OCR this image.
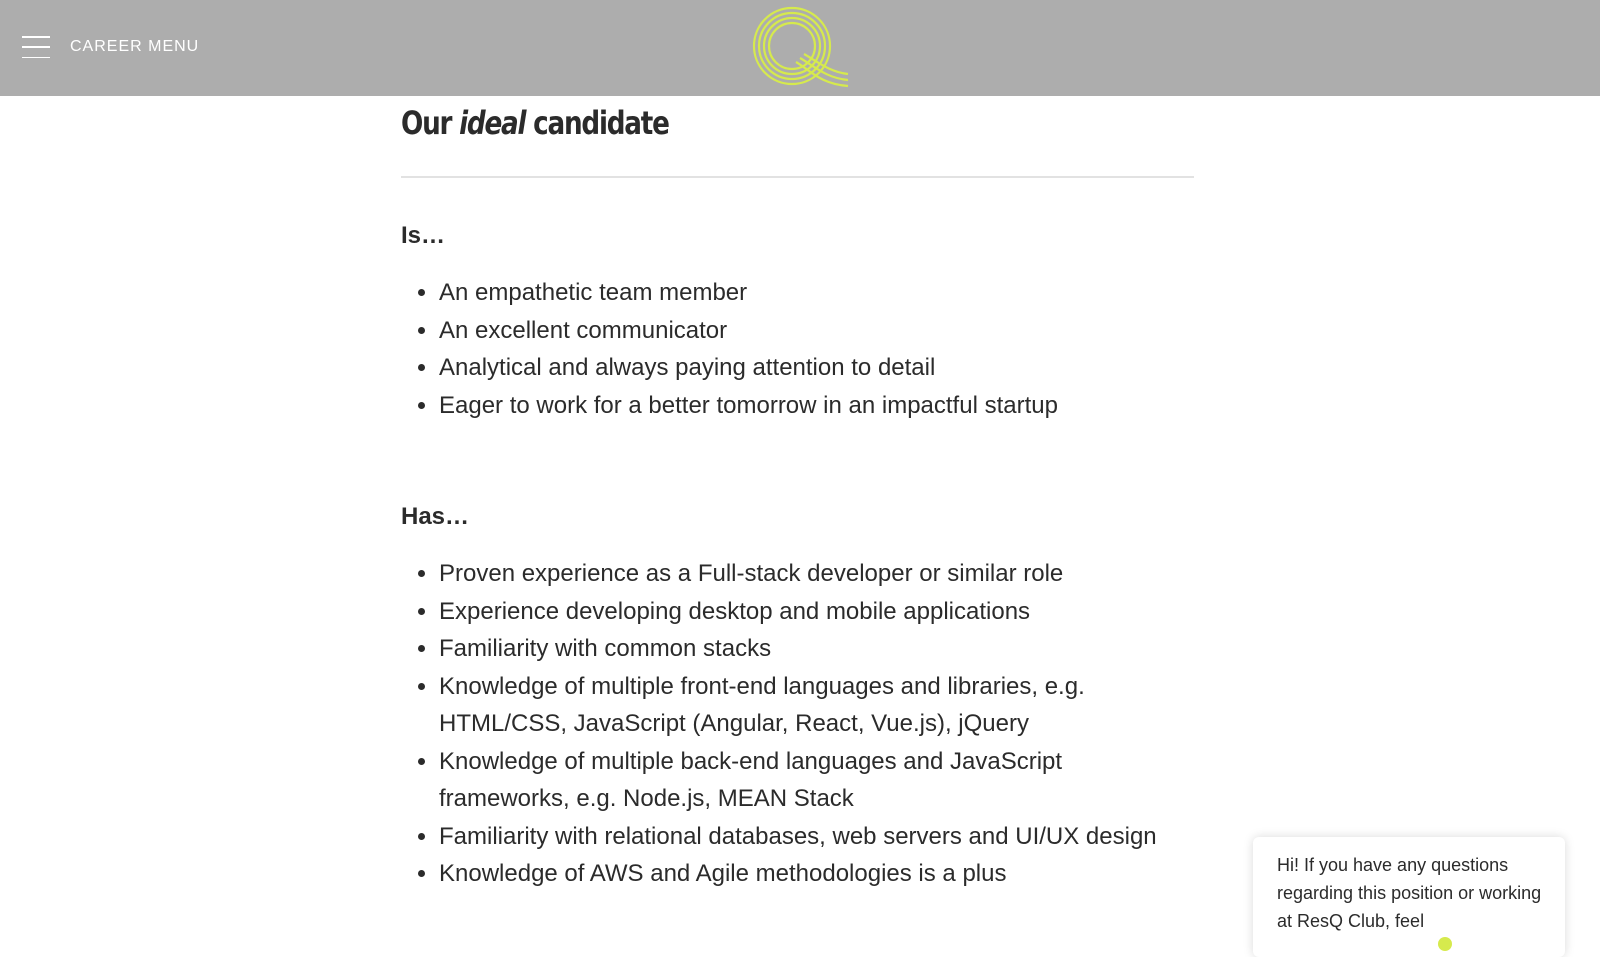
CAREER MENU
Our ideal candidate
Is…
• An empathetic team member
• An excellent communicator
• Analytical and always paying attention to detail
• Eager to work for a better tomorrow in an impactful startup
Has…
• Proven experience as a Full-stack developer or similar role
• Experience developing desktop and mobile applications
• Familiarity with common stacks
• Knowledge of multiple front-end languages and libraries, e.g. HTML/CSS, JavaScript (Angular, React, Vue.js), jQuery
• Knowledge of multiple back-end languages and JavaScript frameworks, e.g. Node.js, MEAN Stack
• Familiarity with relational databases, web servers and UI/UX design
• Knowledge of AWS and Agile methodologies is a plus	Hi! If you have any questions regarding this position or working at ResQ Club, feel
